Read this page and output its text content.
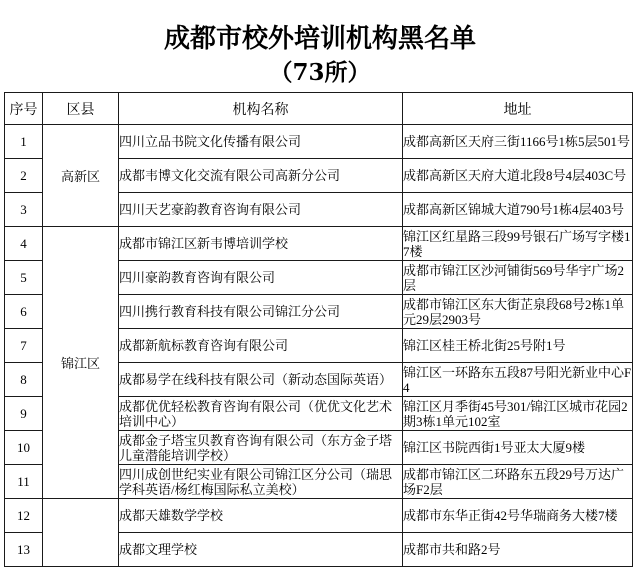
成都市校外培训机构黑名单
（73所）
序号	区县	机构名称	地址
1	高新区	四川立品书院文化传播有限公司	成都高新区天府三街1166号1栋5层501号

2		成都韦博文化交流有限公司高新分公司	成都高新区天府大道北段8号4层403C号

3		四川天艺豪韵教育咨询有限公司	成都高新区锦城大道790号1栋4层403号

4	锦江区	成都市锦江区新韦博培训学校	锦江区红星路三段99号银石广场写字楼17楼

5		四川豪韵教育咨询有限公司	成都市锦江区沙河铺街569号华宇广场2层

6		四川携行教育科技有限公司锦江分公司	成都市锦江区东大街芷泉段68号2栋1单元29层2903号

7		成都新航标教育咨询有限公司	锦江区桂王桥北街25号附1号

8		成都易学在线科技有限公司（新动态国际英语）	锦江区一环路东五段87号阳光新业中心F4

9		成都优优轻松教育咨询有限公司（优优文化艺术培训中心）	锦江区月季街45号301/锦江区城市花园2期3栋1单元102室

10		成都金子塔宝贝教育咨询有限公司（东方金子塔儿童潜能培训学校）	锦江区书院西街1号亚太大厦9楼

11		四川成创世纪实业有限公司锦江区分公司（瑞思学科英语/杨红梅国际私立美校）	成都市锦江区二环路东五段29号万达广场F2层

12		成都天雄数学学校	成都市东华正街42号华瑞商务大楼7楼

13		成都文理学校	成都市共和路2号
